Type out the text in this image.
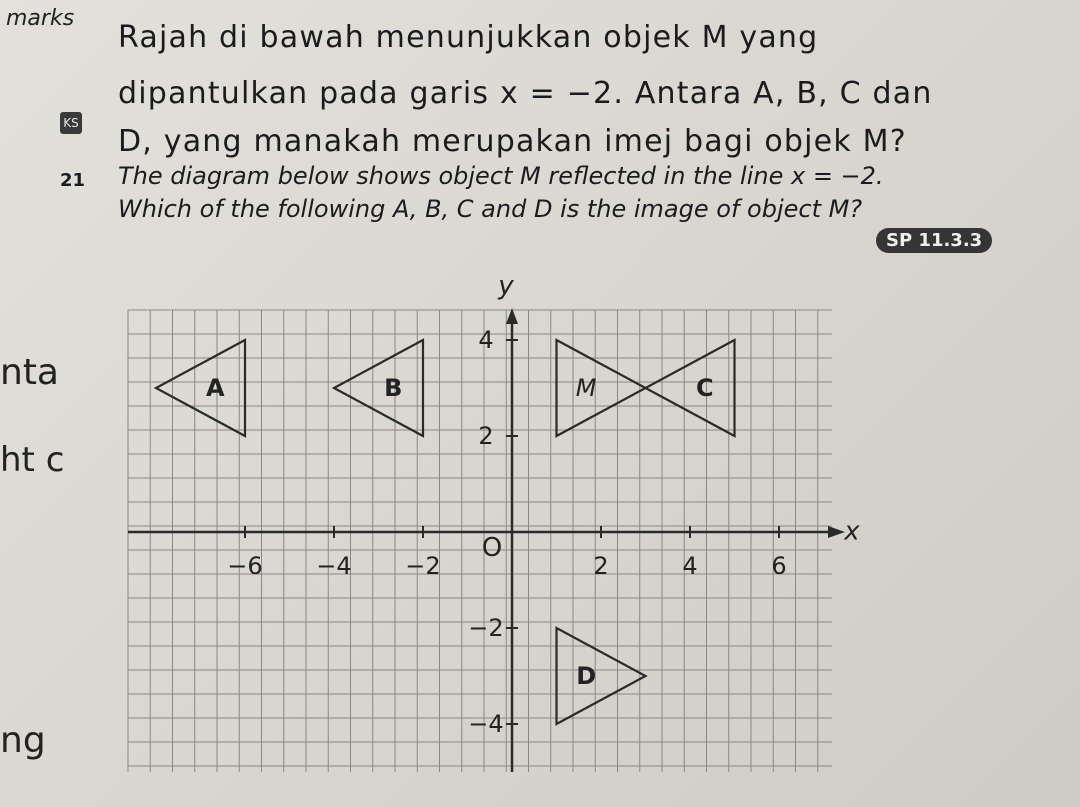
marks
nta
ht c
ng
KS
21
Rajah di bawah menunjukkan objek M yang
dipantulkan pada garis x = −2. Antara A, B, C dan
D, yang manakah merupakan imej bagi objek M?
The diagram below shows object M reflected in the line x = −2.
Which of the following A, B, C and D is the image of object M?
SP 11.3.3
x
y
O
−6 −4 −2	2	4	6
4
2
−2
−4
M
A	B	C
D
